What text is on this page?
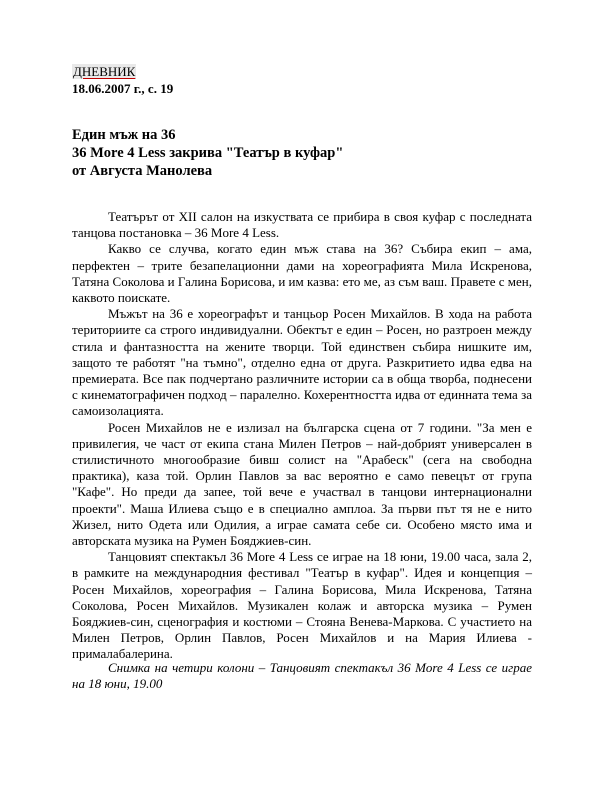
ДНЕВНИК
18.06.2007 г., с. 19
Един мъж на 36
36 More 4 Less закрива "Театър в куфар"
от Августа Манолева

Театърът от XII салон на изкуствата се прибира в своя куфар с последната танцова постановка – 36 More 4 Less.

Какво се случва, когато един мъж става на 36? Събира екип – ама, перфектен – трите безапелационни дами на хореографията Мила Искренова, Татяна Соколова и Галина Борисова, и им казва: ето ме, аз съм ваш. Правете с мен, каквото поискате.

Мъжът на 36 е хореографът и танцьор Росен Михайлов. В хода на работа териториите са строго индивидуални. Обектът е един – Росен, но разтроен между стила и фантазността на жените творци. Той единствен събира нишките им, защото те работят "на тъмно", отделно една от друга. Разкритието идва едва на премиерата. Все пак подчертано различните истории са в обща творба, поднесени с кинематографичен подход – паралелно. Кохерентността идва от единната тема за самоизолацията.

Росен Михайлов не е излизал на българска сцена от 7 години. "За мен е привилегия, че част от екипа стана Милен Петров – най-добрият универсален в стилистичното многообразие бивш солист на "Арабеск" (сега на свободна практика), каза той. Орлин Павлов за вас вероятно е само певецът от група "Кафе". Но преди да запее, той вече е участвал в танцови интернационални проекти". Маша Илиева също е в специално амплоа. За първи път тя не е нито Жизел, нито Одета или Одилия, а играе самата себе си. Особено място има и авторската музика на Румен Бояджиев-син.

Танцовият спектакъл 36 More 4 Less се играе на 18 юни, 19.00 часа, зала 2, в рамките на международния фестивал "Театър в куфар". Идея и концепция – Росен Михайлов, хореография – Галина Борисова, Мила Искренова, Татяна Соколова, Росен Михайлов. Музикален колаж и авторска музика – Румен Бояджиев-син, сценография и костюми – Стояна Венева-Маркова. С участието на Милен Петров, Орлин Павлов, Росен Михайлов и на Мария Илиева - прималабалерина.

Снимка на четири колони – Танцовият спектакъл 36 More 4 Less се играе на 18 юни, 19.00
